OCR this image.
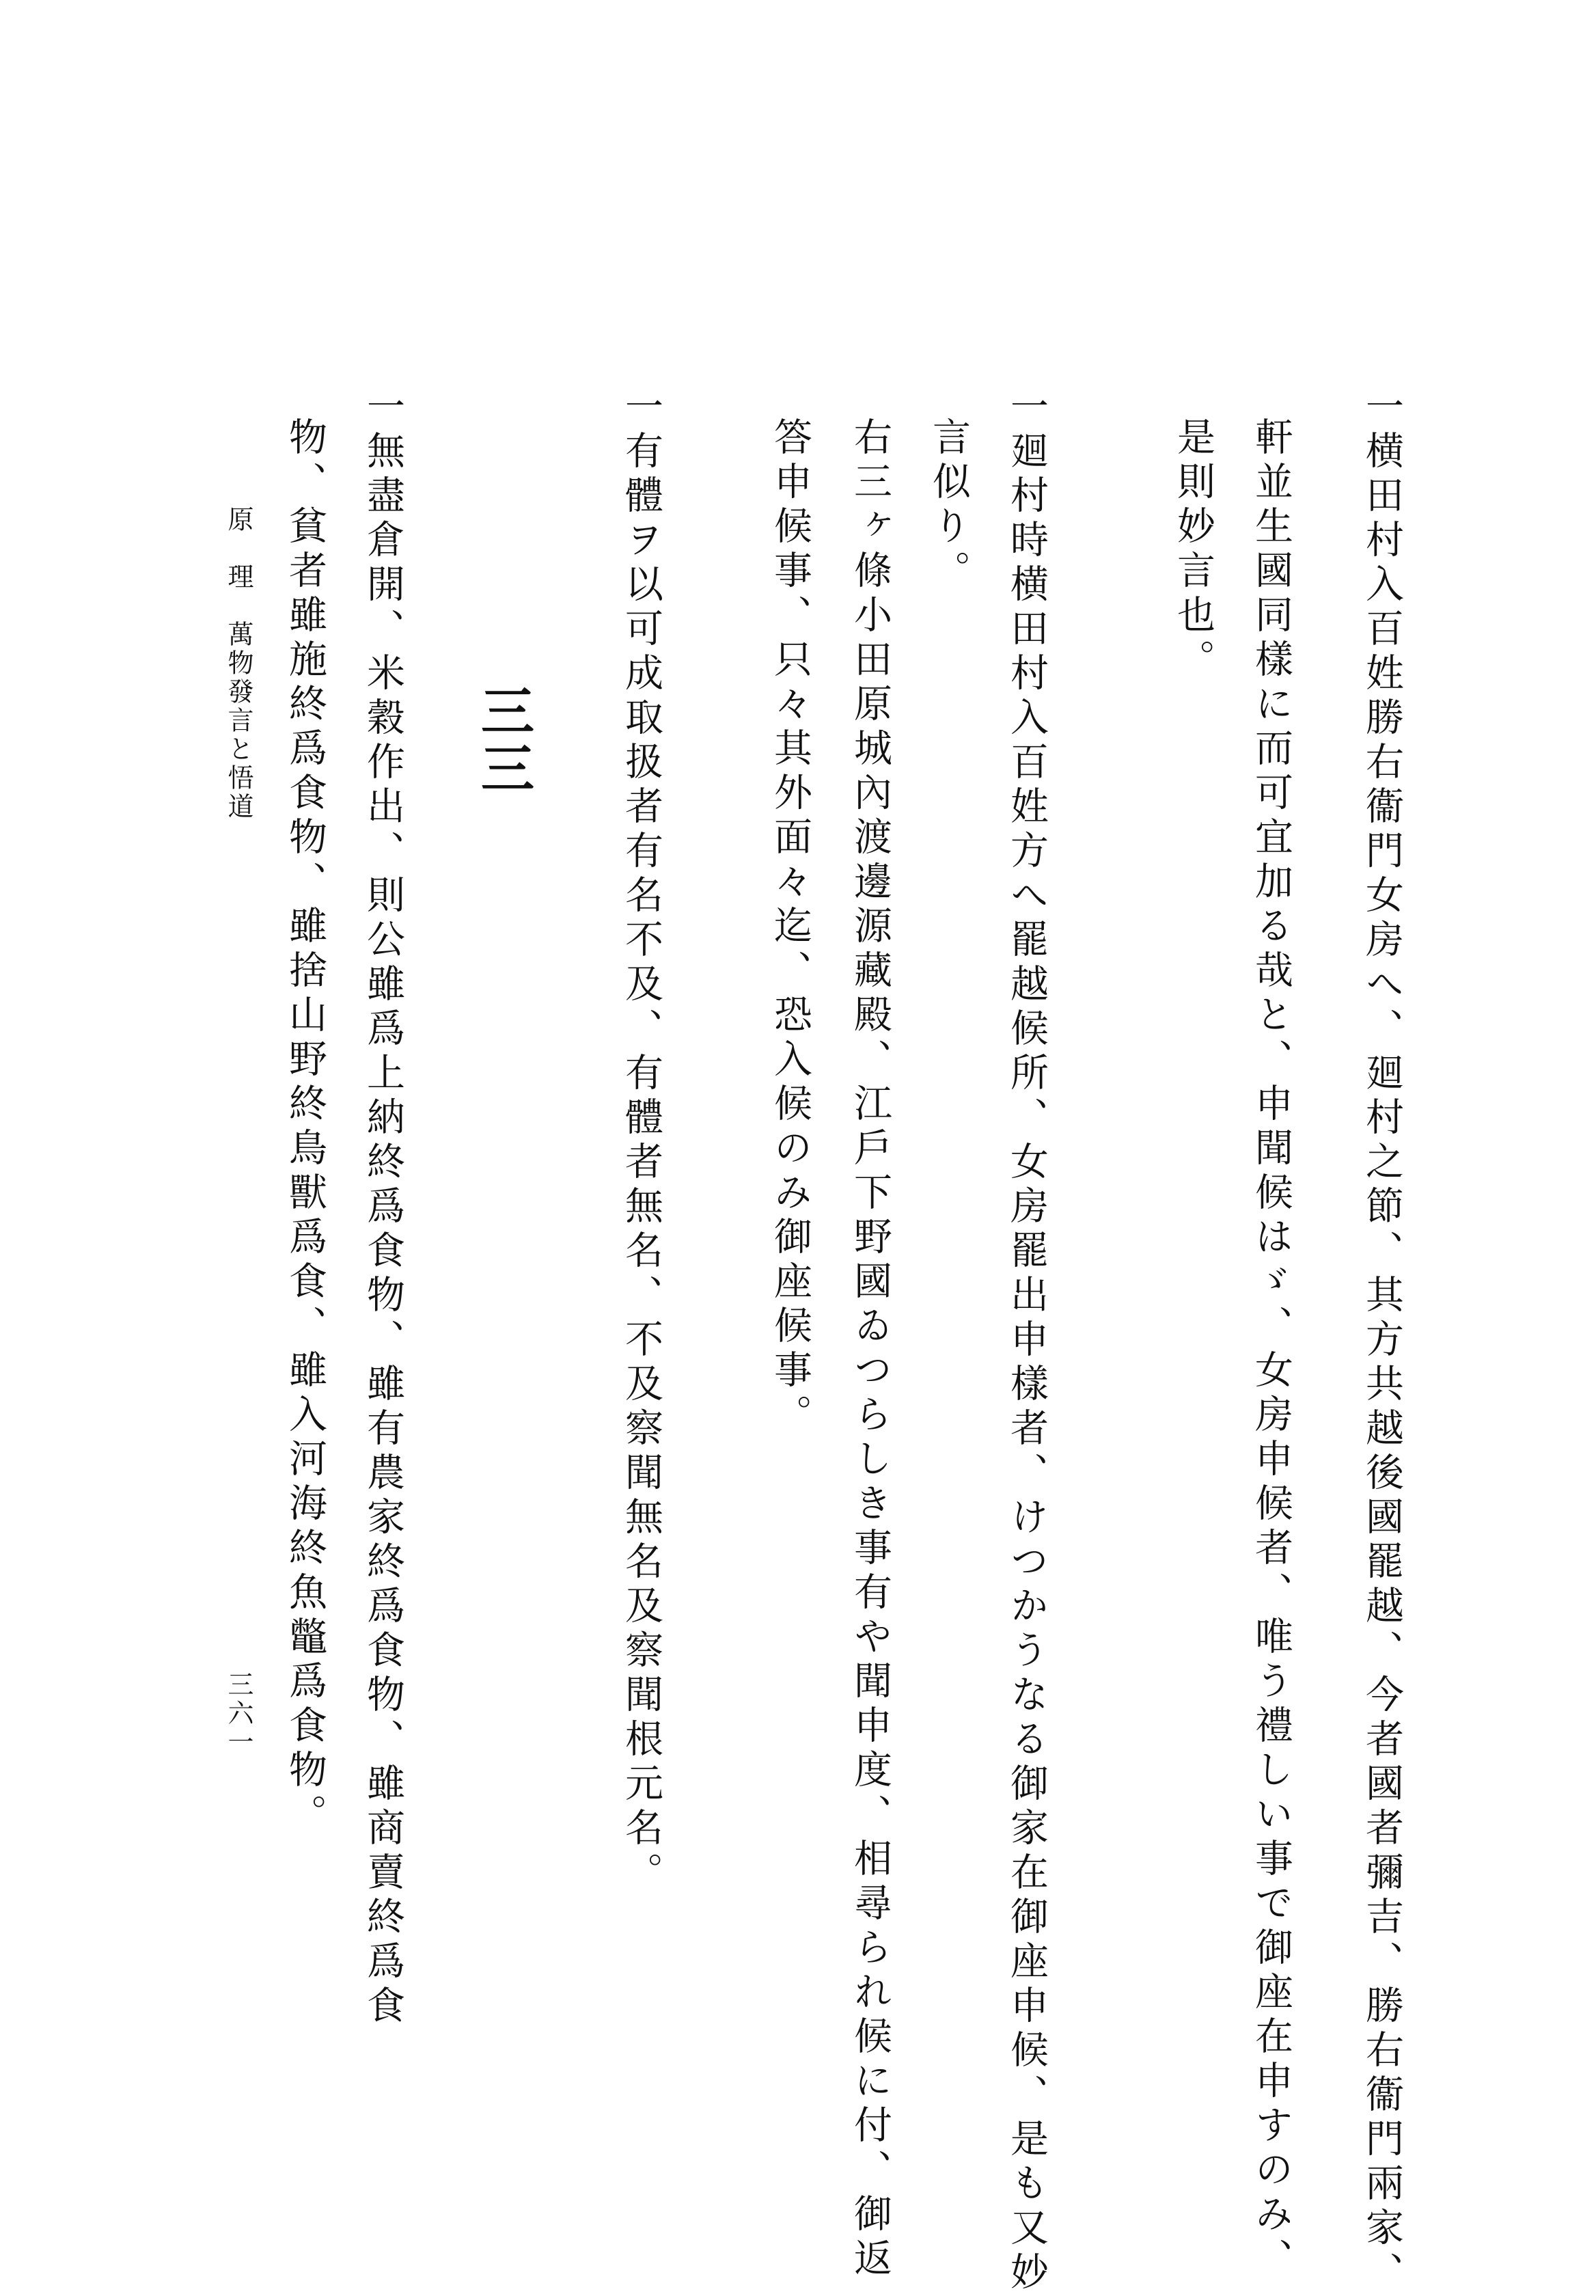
一横田村入百姓勝右衞門女房へ、廻村之節、其方共越後國罷越、今者國者彌吉、勝右衞門兩家、
軒並生國同樣に而可宜加る哉と、申聞候はゞ、女房申候者、唯う禮しい事で御座在申すのみ、
是則妙言也。
一廻村時横田村入百姓方へ罷越候所、女房罷出申樣者、けつかうなる御家在御座申候、是も又妙
言似り。
右三ヶ條小田原城內渡邊源藏殿、江戶下野國ゐつらしき事有や聞申度、相尋られ候に付、御返
答申候事、只々其外面々迄、恐入候のみ御座候事。
一有體ヲ以可成取扱者有名不及、有體者無名、不及察聞無名及察聞根元名。
三三
一無盡倉開、米穀作出、則公雖爲上納終爲食物、雖有農家終爲食物、雖商賣終爲食
物、貧者雖施終爲食物、雖捨山野終鳥獸爲食、雖入河海終魚鼈爲食物。
原　理　萬物發言と悟道
三六一
